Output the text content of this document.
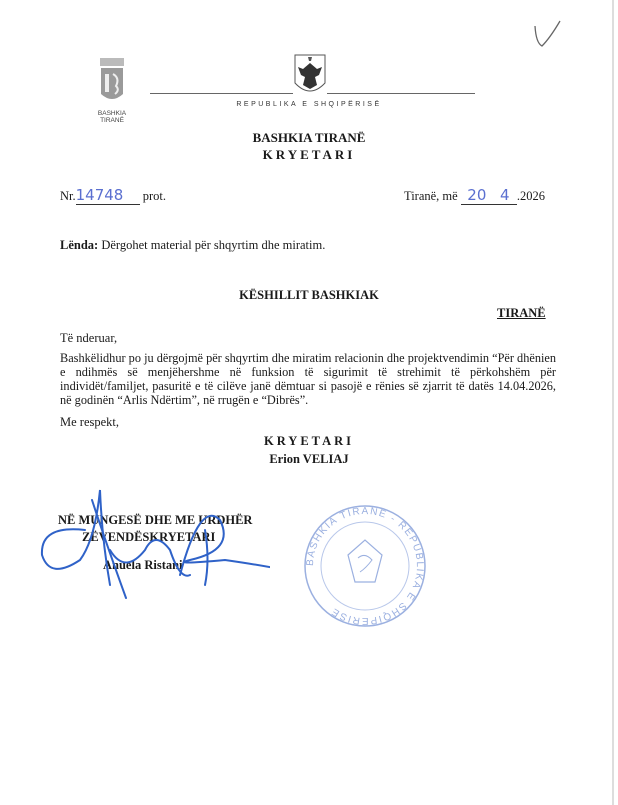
BASHKIA TIRANË
REPUBLIKA E SHQIPËRISË
BASHKIA TIRANË
KRYETARI
Nr.14748 prot.	Tiranë, më 20 4 .2026
Lënda: Dërgohet material për shqyrtim dhe miratim.
KËSHILLIT BASHKIAK
TIRANË
Të nderuar,
Bashkëlidhur po ju dërgojmë për shqyrtim dhe miratim relacionin dhe projektvendimin “Për dhënien e ndihmës së menjëhershme në funksion të sigurimit të strehimit të përkohshëm për individët/familjet, pasuritë e të cilëve janë dëmtuar si pasojë e rënies së zjarrit të datës 14.04.2026, në godinën “Arlis Ndërtim”, në rrugën e “Dibrës”.
Me respekt,
KRYETARI
Erion VELIAJ
BASHKIA TIRANË - REPUBLIKA E SHQIPËRISË
NË MUNGESË DHE ME URDHËR
ZËVENDËSKRYETARI
Anuela Ristani
